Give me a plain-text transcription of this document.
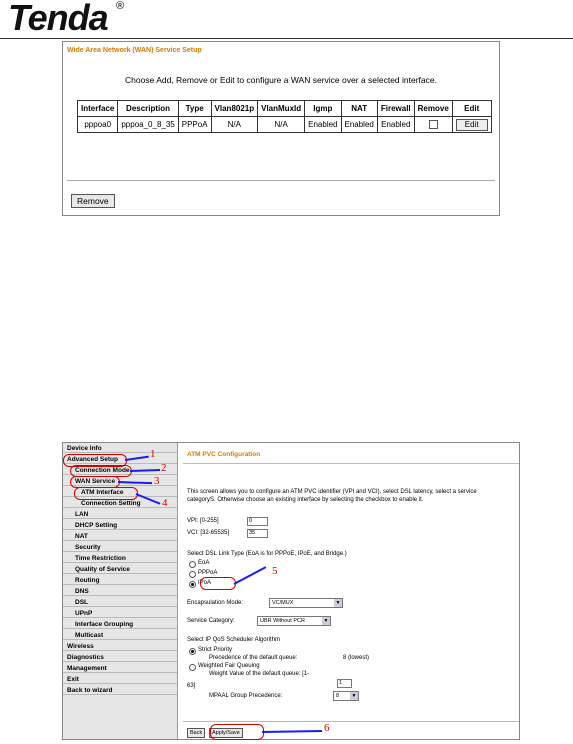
Tenda ®
Wide Area Network (WAN) Service Setup
Choose Add, Remove or Edit to configure a WAN service over a selected interface.
Interface	Description	Type	Vlan8021p	VlanMuxId	Igmp	NAT	Firewall	Remove	Edit
pppoa0	pppoa_0_8_35	PPPoA	N/A	N/A	Enabled	Enabled	Enabled		Edit
Remove
Device Info
Advanced Setup
Connection Mode
WAN Service
ATM Interface
Connection Setting
LAN
DHCP Setting
NAT
Security
Time Restriction
Quality of Service
Routing
DNS
DSL
UPnP
Interface Grouping
Multicast
Wireless
Diagnostics
Management
Exit
Back to wizard
ATM PVC Configuration
This screen allows you to configure an ATM PVC identifier (VPI and VCI), select DSL latency, select a service
categoryS. Otherwise choose an existing interface by selecting the checkbox to enable it.
VPI: [0-255]	0
VCI: [32-65535]	35
Select DSL Link Type (EoA is for PPPoE, IPoE, and Bridge.)
EoA
PPPoA
IPoA
Encapsulation Mode:	VC/MUX	▼
Service Category:	UBR Without PCR	▼
Select IP QoS Scheduler Algorithm
Strict Priority
Precedence of the default queue:	8 (lowest)
Weighted Fair Queuing
Weight Value of the default queue: [1-
1
63]
MPAAL Group Precedence:	8	▼
Back	Apply/Save
1
2
3
4
5
6
